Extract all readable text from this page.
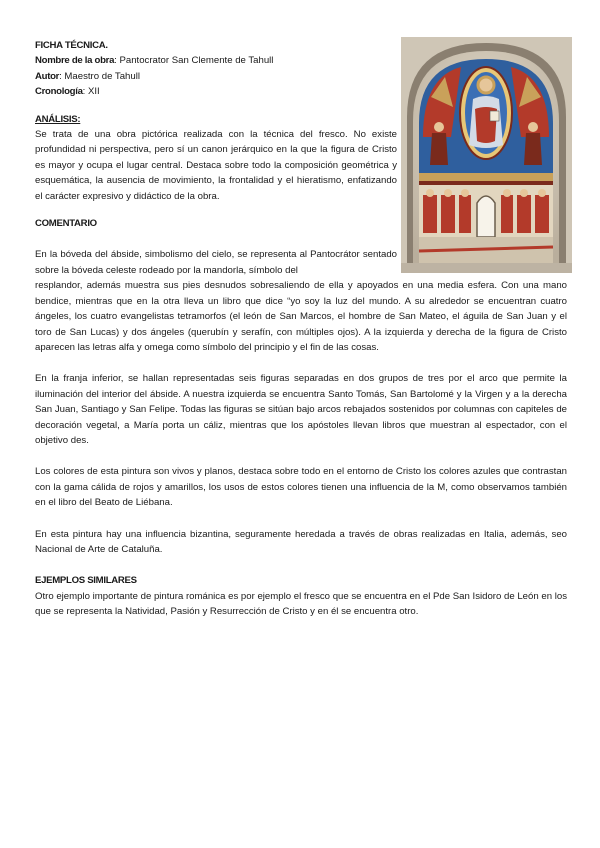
FICHA TÉCNICA.

Nombre de la obra: Pantocrator San Clemente de Tahull

Autor: Maestro de Tahull

Cronología: XII

ANÁLISIS:

Se trata de una obra pictórica realizada con la técnica del fresco. No existe profundidad ni perspectiva, pero sí un canon jerárquico en la que la figura de Cristo es mayor y ocupa el lugar central. Destaca sobre todo la composición geométrica y esquemática, la ausencia de movimiento, la frontalidad y el hieratismo, enfatizando el carácter expresivo y didáctico de la obra.

COMENTARIO

En la bóveda del ábside, simbolismo del cielo, se representa al Pantocrátor sentado sobre la bóveda celeste rodeado por la mandorla, símbolo del

resplandor, además muestra sus pies desnudos sobresaliendo de ella y apoyados en una media esfera. Con una mano bendice, mientras que en la otra lleva un libro que dice “yo soy la luz del mundo. A su alrededor se encuentran cuatro ángeles, los cuatro evangelistas tetramorfos (el león de San Marcos, el hombre de San Mateo, el águila de San Juan y el toro de San Lucas) y dos ángeles (querubín y serafín, con múltiples ojos). A la izquierda y derecha de la figura de Cristo aparecen las letras alfa y omega como símbolo del principio y el fin de las cosas.

En la franja inferior, se hallan representadas seis figuras separadas en dos grupos de tres por el arco que permite la iluminación del interior del ábside. A nuestra izquierda se encuentra Santo Tomás, San Bartolomé y la Virgen y a la derecha San Juan, Santiago y San Felipe. Todas las figuras se sitúan bajo arcos rebajados sostenidos por columnas con capiteles de decoración vegetal, a María porta un cáliz, mientras que los apóstoles llevan libros que muestran al espectador, con el objetivo des.

Los colores de esta pintura son vivos y planos, destaca sobre todo en el entorno de Cristo los colores azules que contrastan con la gama cálida de rojos y amarillos, los usos de estos colores tienen una influencia de la M, como observamos también en el libro del Beato de Liébana.

En esta pintura hay una influencia bizantina, seguramente heredada a través de obras realizadas en Italia, además, seo Nacional de Arte de Cataluña.

EJEMPLOS SIMILARES

Otro ejemplo importante de pintura románica es por ejemplo el fresco que se encuentra en el Pde San Isidoro de León en los que se representa la Natividad, Pasión y Resurrección de Cristo y en él se encuentra otro.
